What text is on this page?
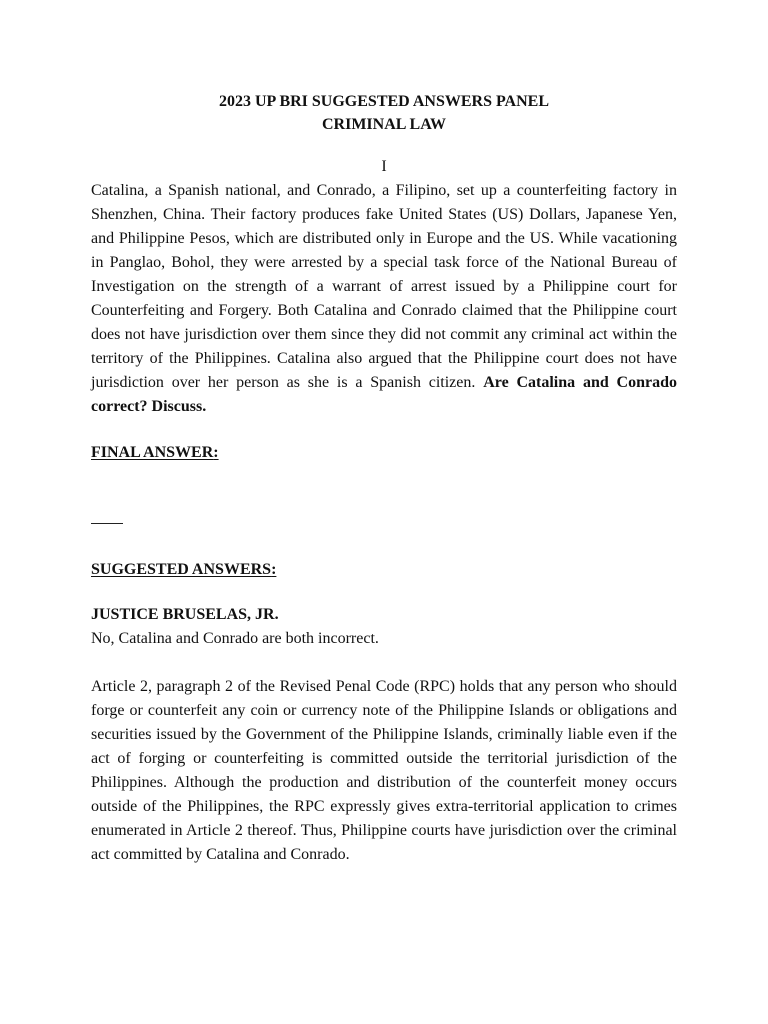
2023 UP BRI SUGGESTED ANSWERS PANEL
CRIMINAL LAW
I

Catalina, a Spanish national, and Conrado, a Filipino, set up a counterfeiting factory in Shenzhen, China. Their factory produces fake United States (US) Dollars, Japanese Yen, and Philippine Pesos, which are distributed only in Europe and the US. While vacationing in Panglao, Bohol, they were arrested by a special task force of the National Bureau of Investigation on the strength of a warrant of arrest issued by a Philippine court for Counterfeiting and Forgery. Both Catalina and Conrado claimed that the Philippine court does not have jurisdiction over them since they did not commit any criminal act within the territory of the Philippines. Catalina also argued that the Philippine court does not have jurisdiction over her person as she is a Spanish citizen. Are Catalina and Conrado correct? Discuss.

FINAL ANSWER:

SUGGESTED ANSWERS:

JUSTICE BRUSELAS, JR.

No, Catalina and Conrado are both incorrect.

Article 2, paragraph 2 of the Revised Penal Code (RPC) holds that any person who should forge or counterfeit any coin or currency note of the Philippine Islands or obligations and securities issued by the Government of the Philippine Islands, criminally liable even if the act of forging or counterfeiting is committed outside the territorial jurisdiction of the Philippines. Although the production and distribution of the counterfeit money occurs outside of the Philippines, the RPC expressly gives extra-territorial application to crimes enumerated in Article 2 thereof. Thus, Philippine courts have jurisdiction over the criminal act committed by Catalina and Conrado.
